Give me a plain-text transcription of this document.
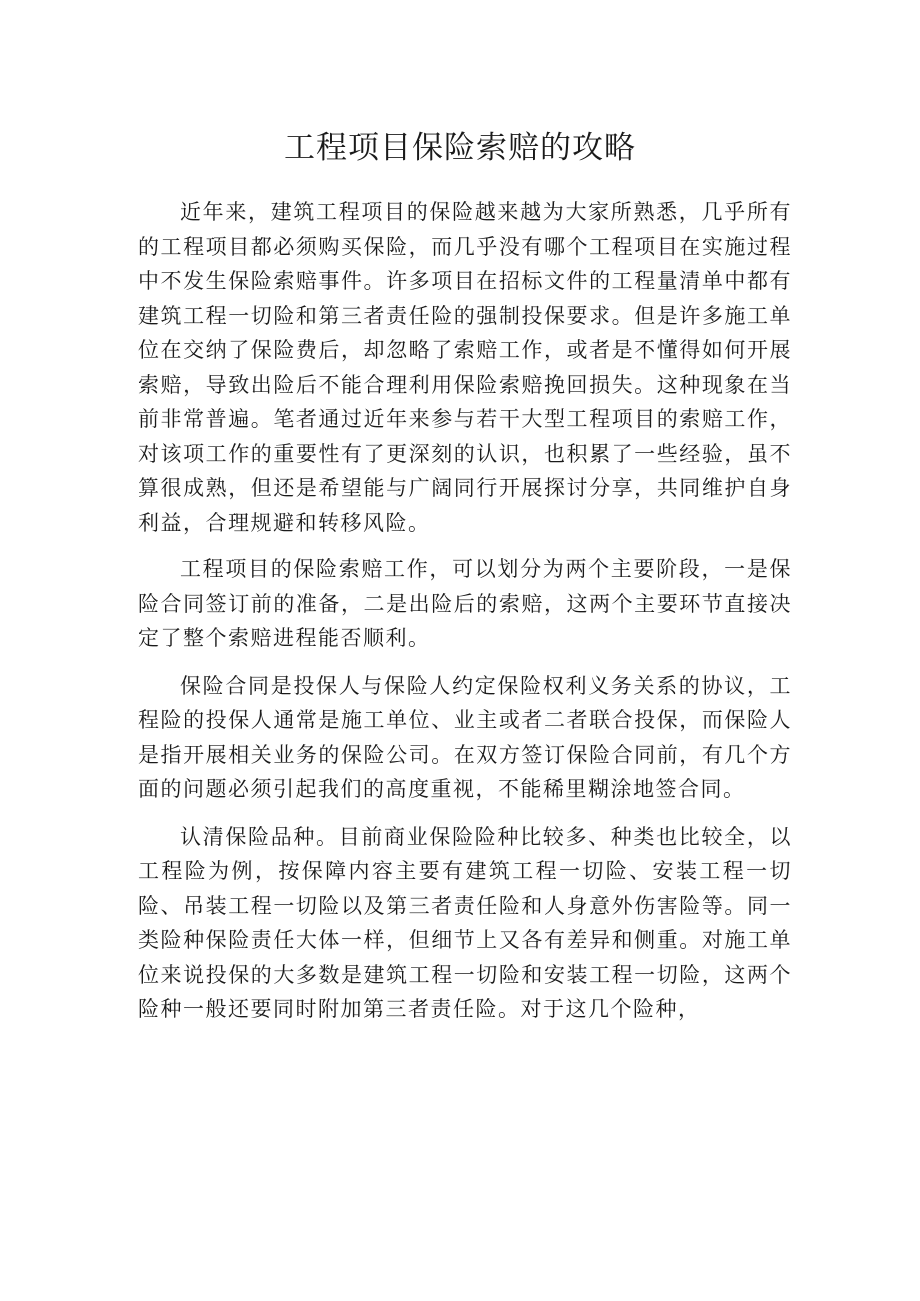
工程项目保险索赔的攻略

近年来，建筑工程项目的保险越来越为大家所熟悉，几乎所有的工程项目都必须购买保险，而几乎没有哪个工程项目在实施过程中不发生保险索赔事件。许多项目在招标文件的工程量清单中都有建筑工程一切险和第三者责任险的强制投保要求。但是许多施工单位在交纳了保险费后，却忽略了索赔工作，或者是不懂得如何开展索赔，导致出险后不能合理利用保险索赔挽回损失。这种现象在当前非常普遍。笔者通过近年来参与若干大型工程项目的索赔工作，对该项工作的重要性有了更深刻的认识，也积累了一些经验，虽不算很成熟，但还是希望能与广阔同行开展探讨分享，共同维护自身利益，合理规避和转移风险。

工程项目的保险索赔工作，可以划分为两个主要阶段，一是保险合同签订前的准备，二是出险后的索赔，这两个主要环节直接决定了整个索赔进程能否顺利。

保险合同是投保人与保险人约定保险权利义务关系的协议，工程险的投保人通常是施工单位、业主或者二者联合投保，而保险人是指开展相关业务的保险公司。在双方签订保险合同前，有几个方面的问题必须引起我们的高度重视，不能稀里糊涂地签合同。

认清保险品种。目前商业保险险种比较多、种类也比较全，以工程险为例，按保障内容主要有建筑工程一切险、安装工程一切险、吊装工程一切险以及第三者责任险和人身意外伤害险等。同一类险种保险责任大体一样，但细节上又各有差异和侧重。对施工单位来说投保的大多数是建筑工程一切险和安装工程一切险，这两个险种一般还要同时附加第三者责任险。对于这几个险种，
